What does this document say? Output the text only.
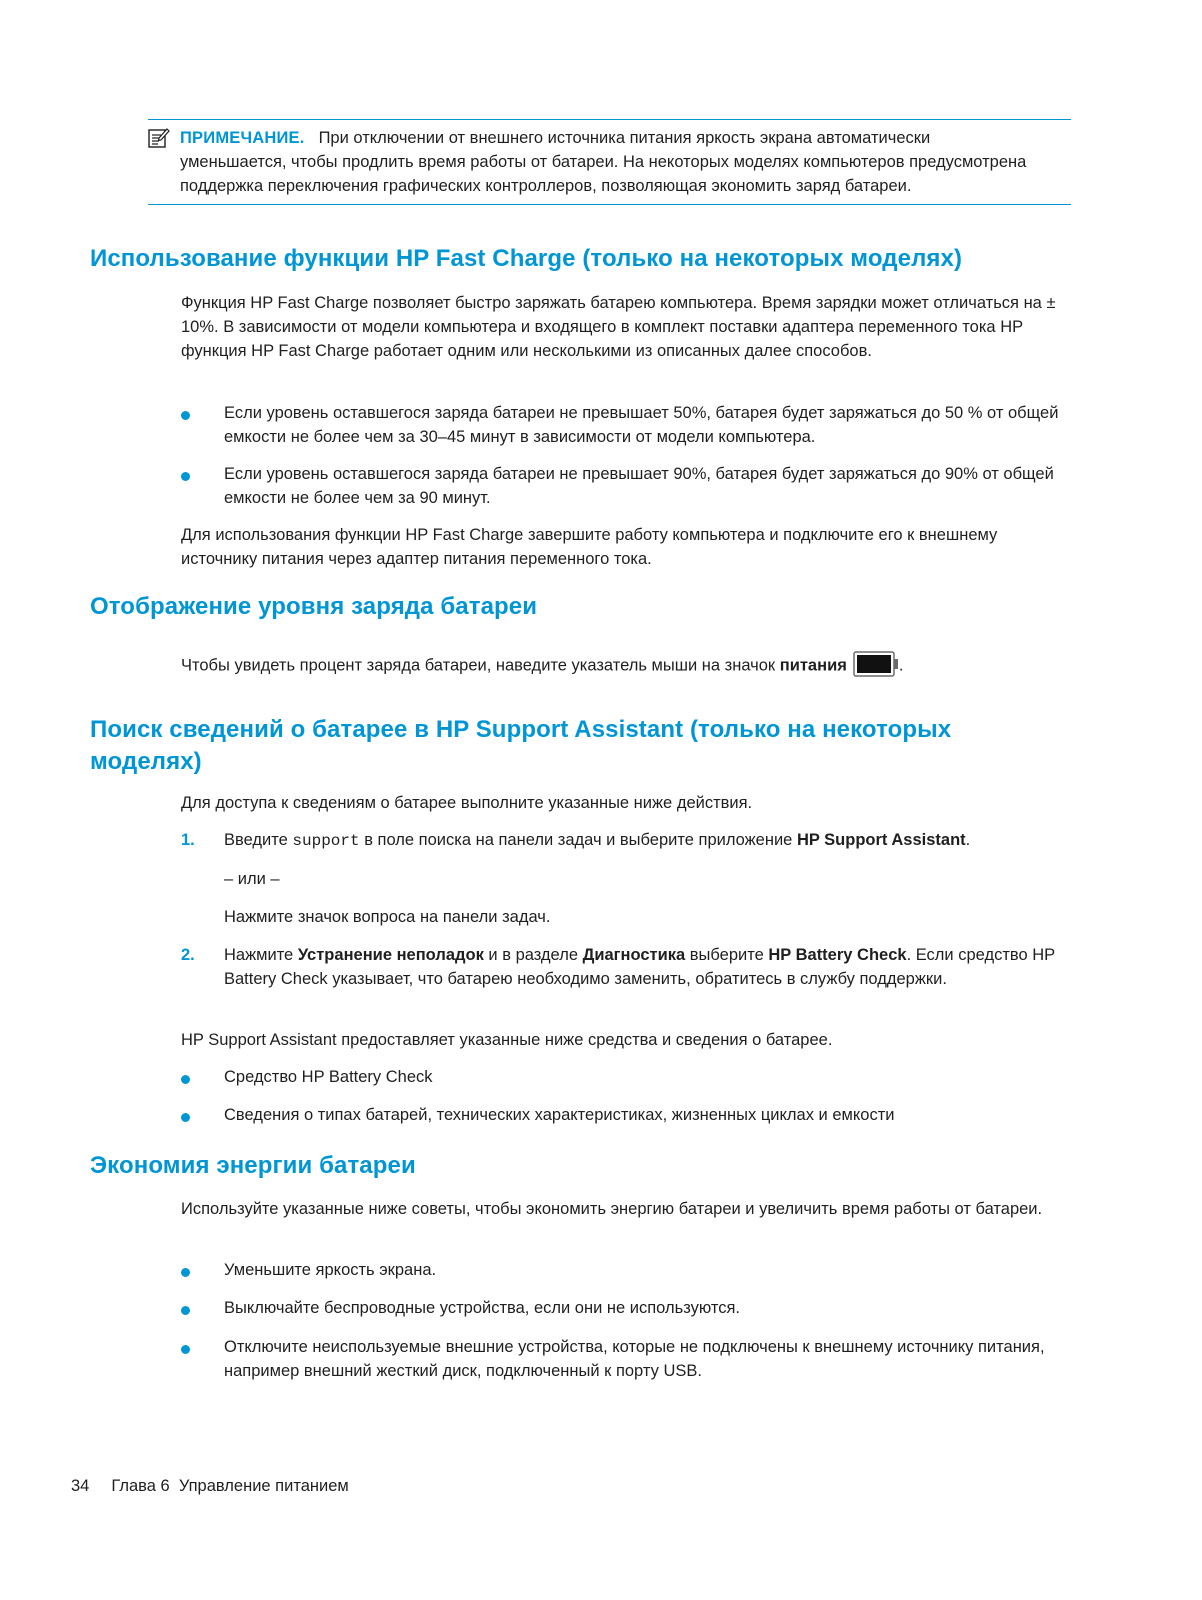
ПРИМЕЧАНИЕ. При отключении от внешнего источника питания яркость экрана автоматически
уменьшается, чтобы продлить время работы от батареи. На некоторых моделях компьютеров предусмотрена поддержка переключения графических контроллеров, позволяющая экономить заряд батареи.
Использование функции HP Fast Charge (только на некоторых моделях)

Функция HP Fast Charge позволяет быстро заряжать батарею компьютера. Время зарядки может отличаться на ± 10%. В зависимости от модели компьютера и входящего в комплект поставки адаптера переменного тока HP функция HP Fast Charge работает одним или несколькими из описанных далее способов.

Если уровень оставшегося заряда батареи не превышает 50%, батарея будет заряжаться до 50 % от общей емкости не более чем за 30–45 минут в зависимости от модели компьютера.
Если уровень оставшегося заряда батареи не превышает 90%, батарея будет заряжаться до 90% от общей емкости не более чем за 90 минут.

Для использования функции HP Fast Charge завершите работу компьютера и подключите его к внешнему источнику питания через адаптер питания переменного тока.

Отображение уровня заряда батареи

Чтобы увидеть процент заряда батареи, наведите указатель мыши на значок питания	.

Поиск сведений о батарее в HP Support Assistant (только на некоторых моделях)

Для доступа к сведениям о батарее выполните указанные ниже действия.

1. Введите support в поле поиска на панели задач и выберите приложение HP Support Assistant.
– или –
Нажмите значок вопроса на панели задач.
2. Нажмите Устранение неполадок и в разделе Диагностика выберите HP Battery Check. Если средство HP Battery Check указывает, что батарею необходимо заменить, обратитесь в службу поддержки.

HP Support Assistant предоставляет указанные ниже средства и сведения о батарее.

Средство HP Battery Check
Сведения о типах батарей, технических характеристиках, жизненных циклах и емкости
Экономия энергии батареи

Используйте указанные ниже советы, чтобы экономить энергию батареи и увеличить время работы от батареи.

Уменьшите яркость экрана.
Выключайте беспроводные устройства, если они не используются.
Отключите неиспользуемые внешние устройства, которые не подключены к внешнему источнику питания, например внешний жесткий диск, подключенный к порту USB.
34 Глава 6  Управление питанием
